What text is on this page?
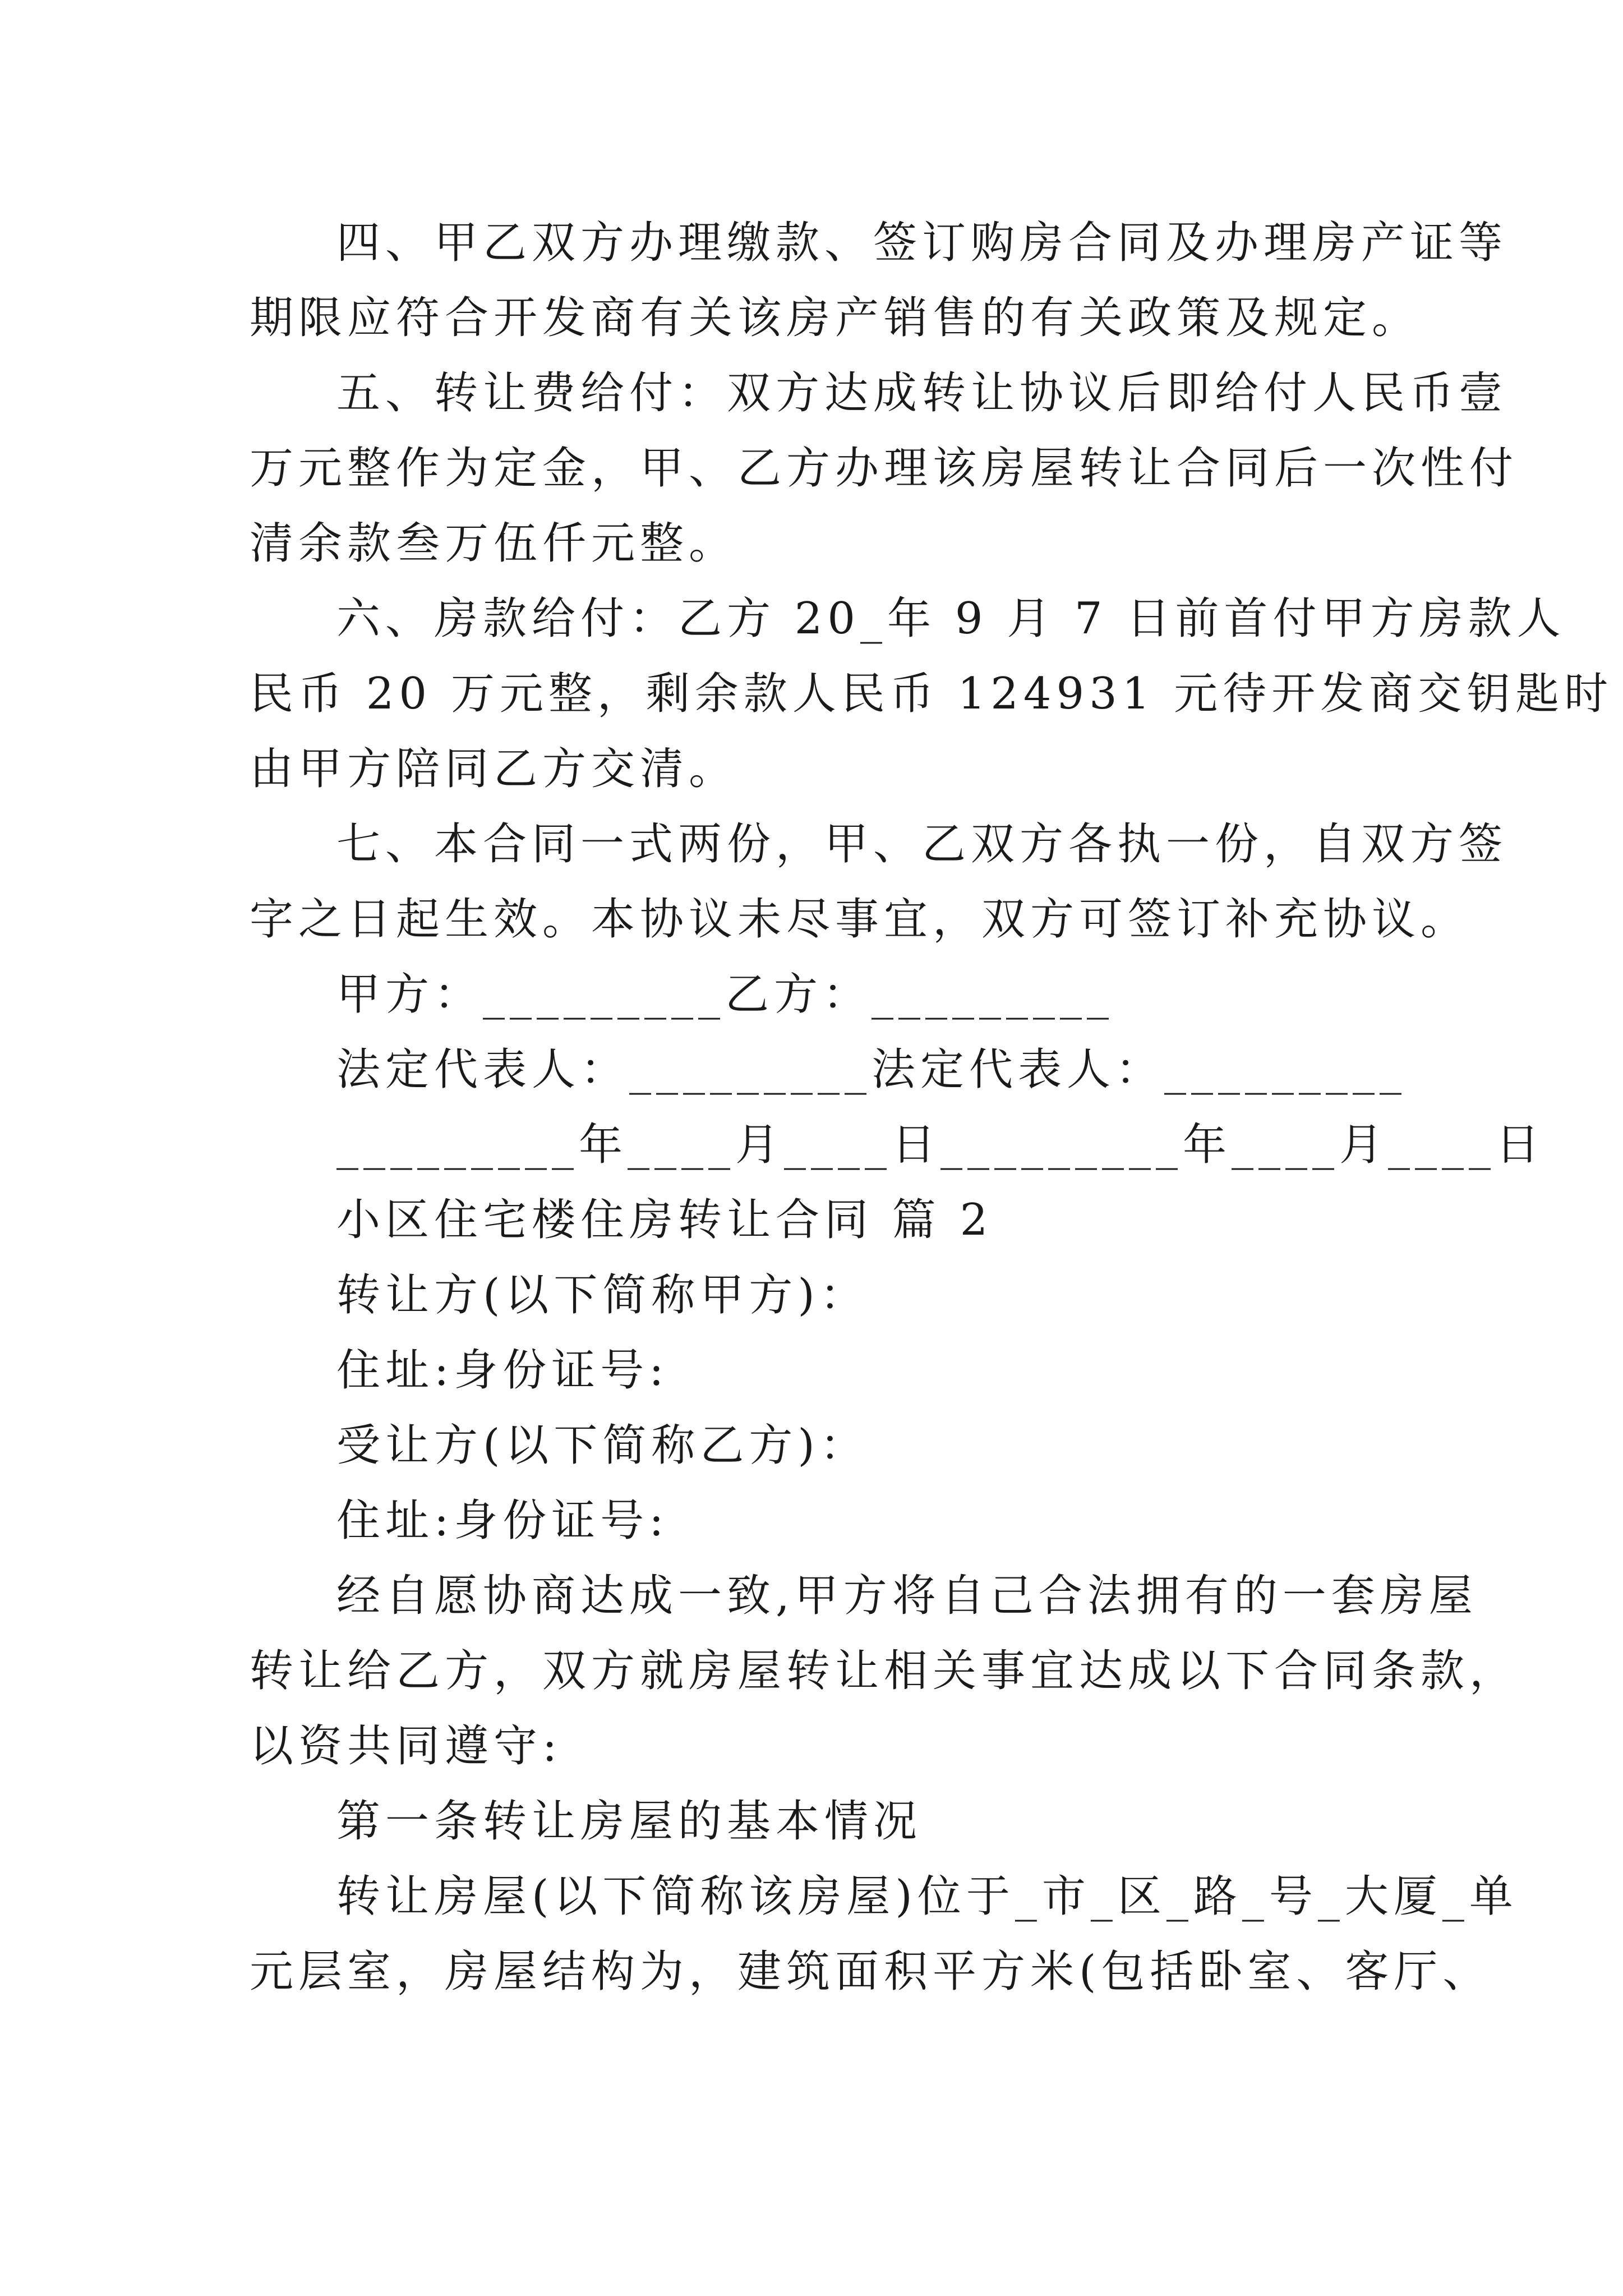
四、甲乙双方办理缴款、签订购房合同及办理房产证等
期限应符合开发商有关该房产销售的有关政策及规定。
五、转让费给付：双方达成转让协议后即给付人民币壹
万元整作为定金，甲、乙方办理该房屋转让合同后一次性付
清余款叁万伍仟元整。
六、房款给付：乙方 20_年 9 月 7 日前首付甲方房款人
民币 20 万元整，剩余款人民币 124931 元待开发商交钥匙时
由甲方陪同乙方交清。
七、本合同一式两份，甲、乙双方各执一份，自双方签
字之日起生效。本协议未尽事宜，双方可签订补充协议。
甲方：_________乙方：_________
法定代表人：_________法定代表人：_________
_________年____月____日_________年____月____日
小区住宅楼住房转让合同 篇 2
转让方(以下简称甲方)：
住址:身份证号:
受让方(以下简称乙方)：
住址:身份证号:
经自愿协商达成一致,甲方将自己合法拥有的一套房屋
转让给乙方，双方就房屋转让相关事宜达成以下合同条款，
以资共同遵守:
第一条转让房屋的基本情况
转让房屋(以下简称该房屋)位于_市_区_路_号_大厦_单
元层室，房屋结构为，建筑面积平方米(包括卧室、客厅、
